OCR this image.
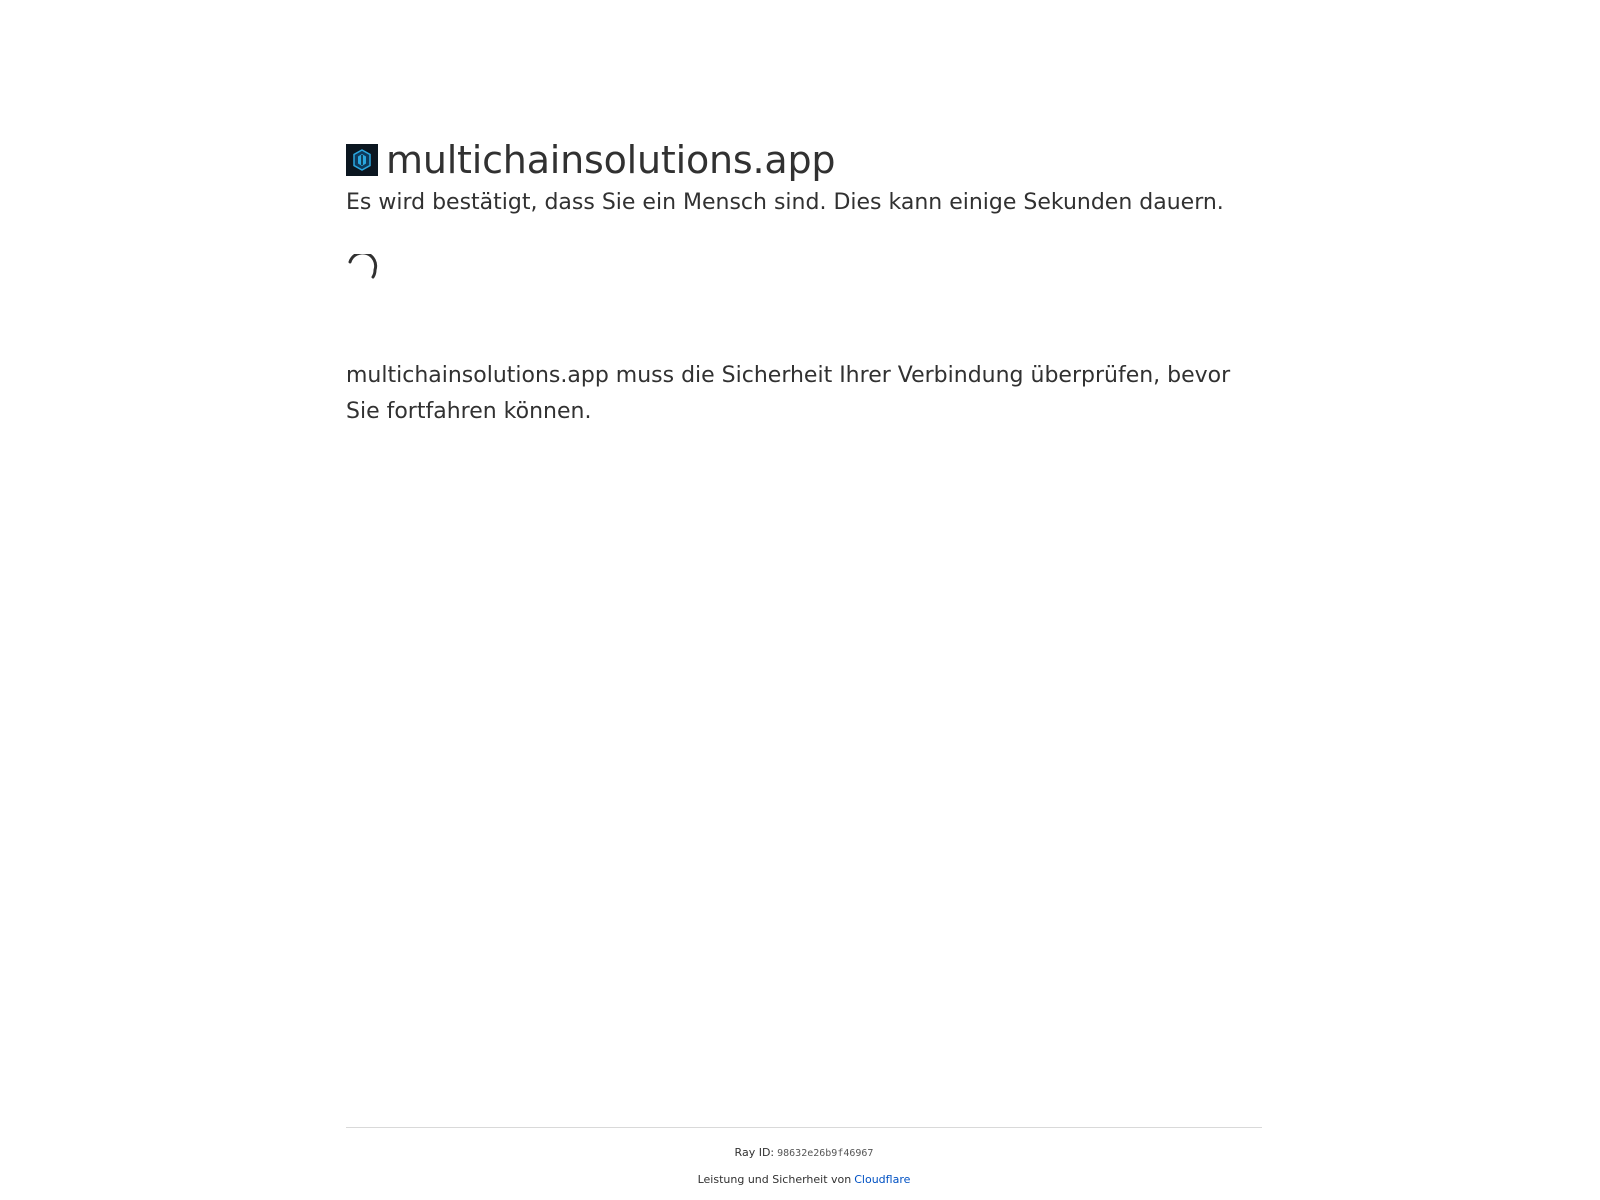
multichainsolutions.app
Es wird bestätigt, dass Sie ein Mensch sind. Dies kann einige Sekunden dauern.

multichainsolutions.app muss die Sicherheit Ihrer Verbindung überprüfen, bevor Sie fortfahren können.

Ray ID: 98632e26b9f46967
Leistung und Sicherheit von Cloudflare
